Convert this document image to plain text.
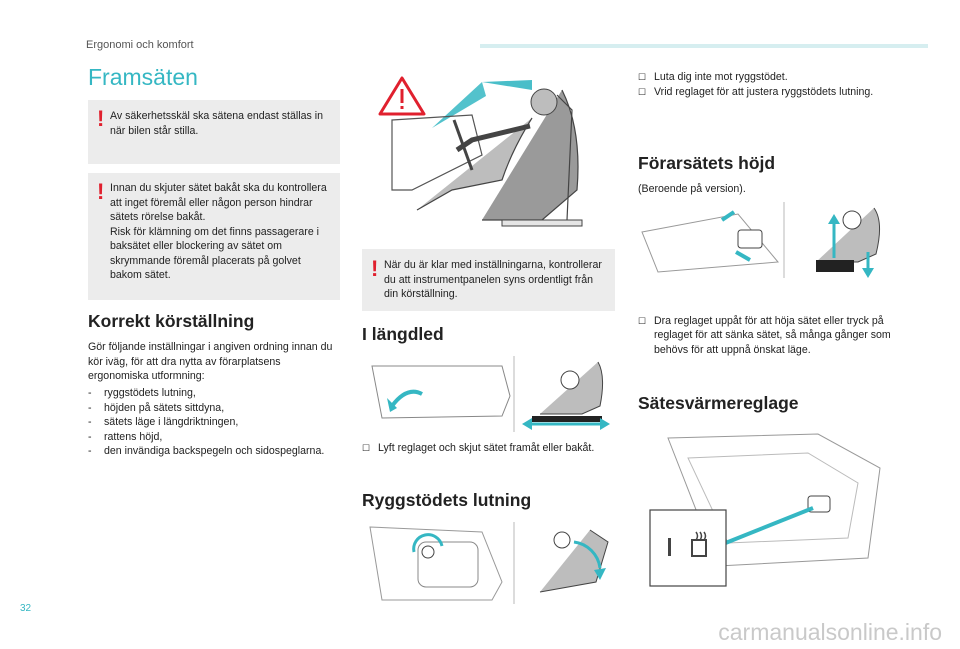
Ergonomi och komfort
Framsäten
! Av säkerhetsskäl ska sätena endast ställas in när bilen står stilla.
! Innan du skjuter sätet bakåt ska du kontrollera att inget föremål eller någon person hindrar sätets rörelse bakåt.
Risk för klämning om det finns passagerare i baksätet eller blockering av sätet om skrymmande föremål placerats på golvet bakom sätet.
Korrekt körställning
Gör följande inställningar i angiven ordning innan du kör iväg, för att dra nytta av förarplatsens ergonomiska utformning:
- ryggstödets lutning,
- höjden på sätets sittdyna,
- sätets läge i längdriktningen,
- rattens höjd,
- den invändiga backspegeln och sidospeglarna.
! När du är klar med inställningarna, kontrollerar du att instrumentpanelen syns ordentligt från din körställning.
I längdled
☐ Lyft reglaget och skjut sätet framåt eller bakåt.
Ryggstödets lutning
☐ Luta dig inte mot ryggstödet.
☐ Vrid reglaget för att justera ryggstödets lutning.
Förarsätets höjd
(Beroende på version).
☐ Dra reglaget uppåt för att höja sätet eller tryck på reglaget för att sänka sätet, så många gånger som behövs för att uppnå önskat läge.
Sätesvärmereglage
32
carmanualsonline.info
